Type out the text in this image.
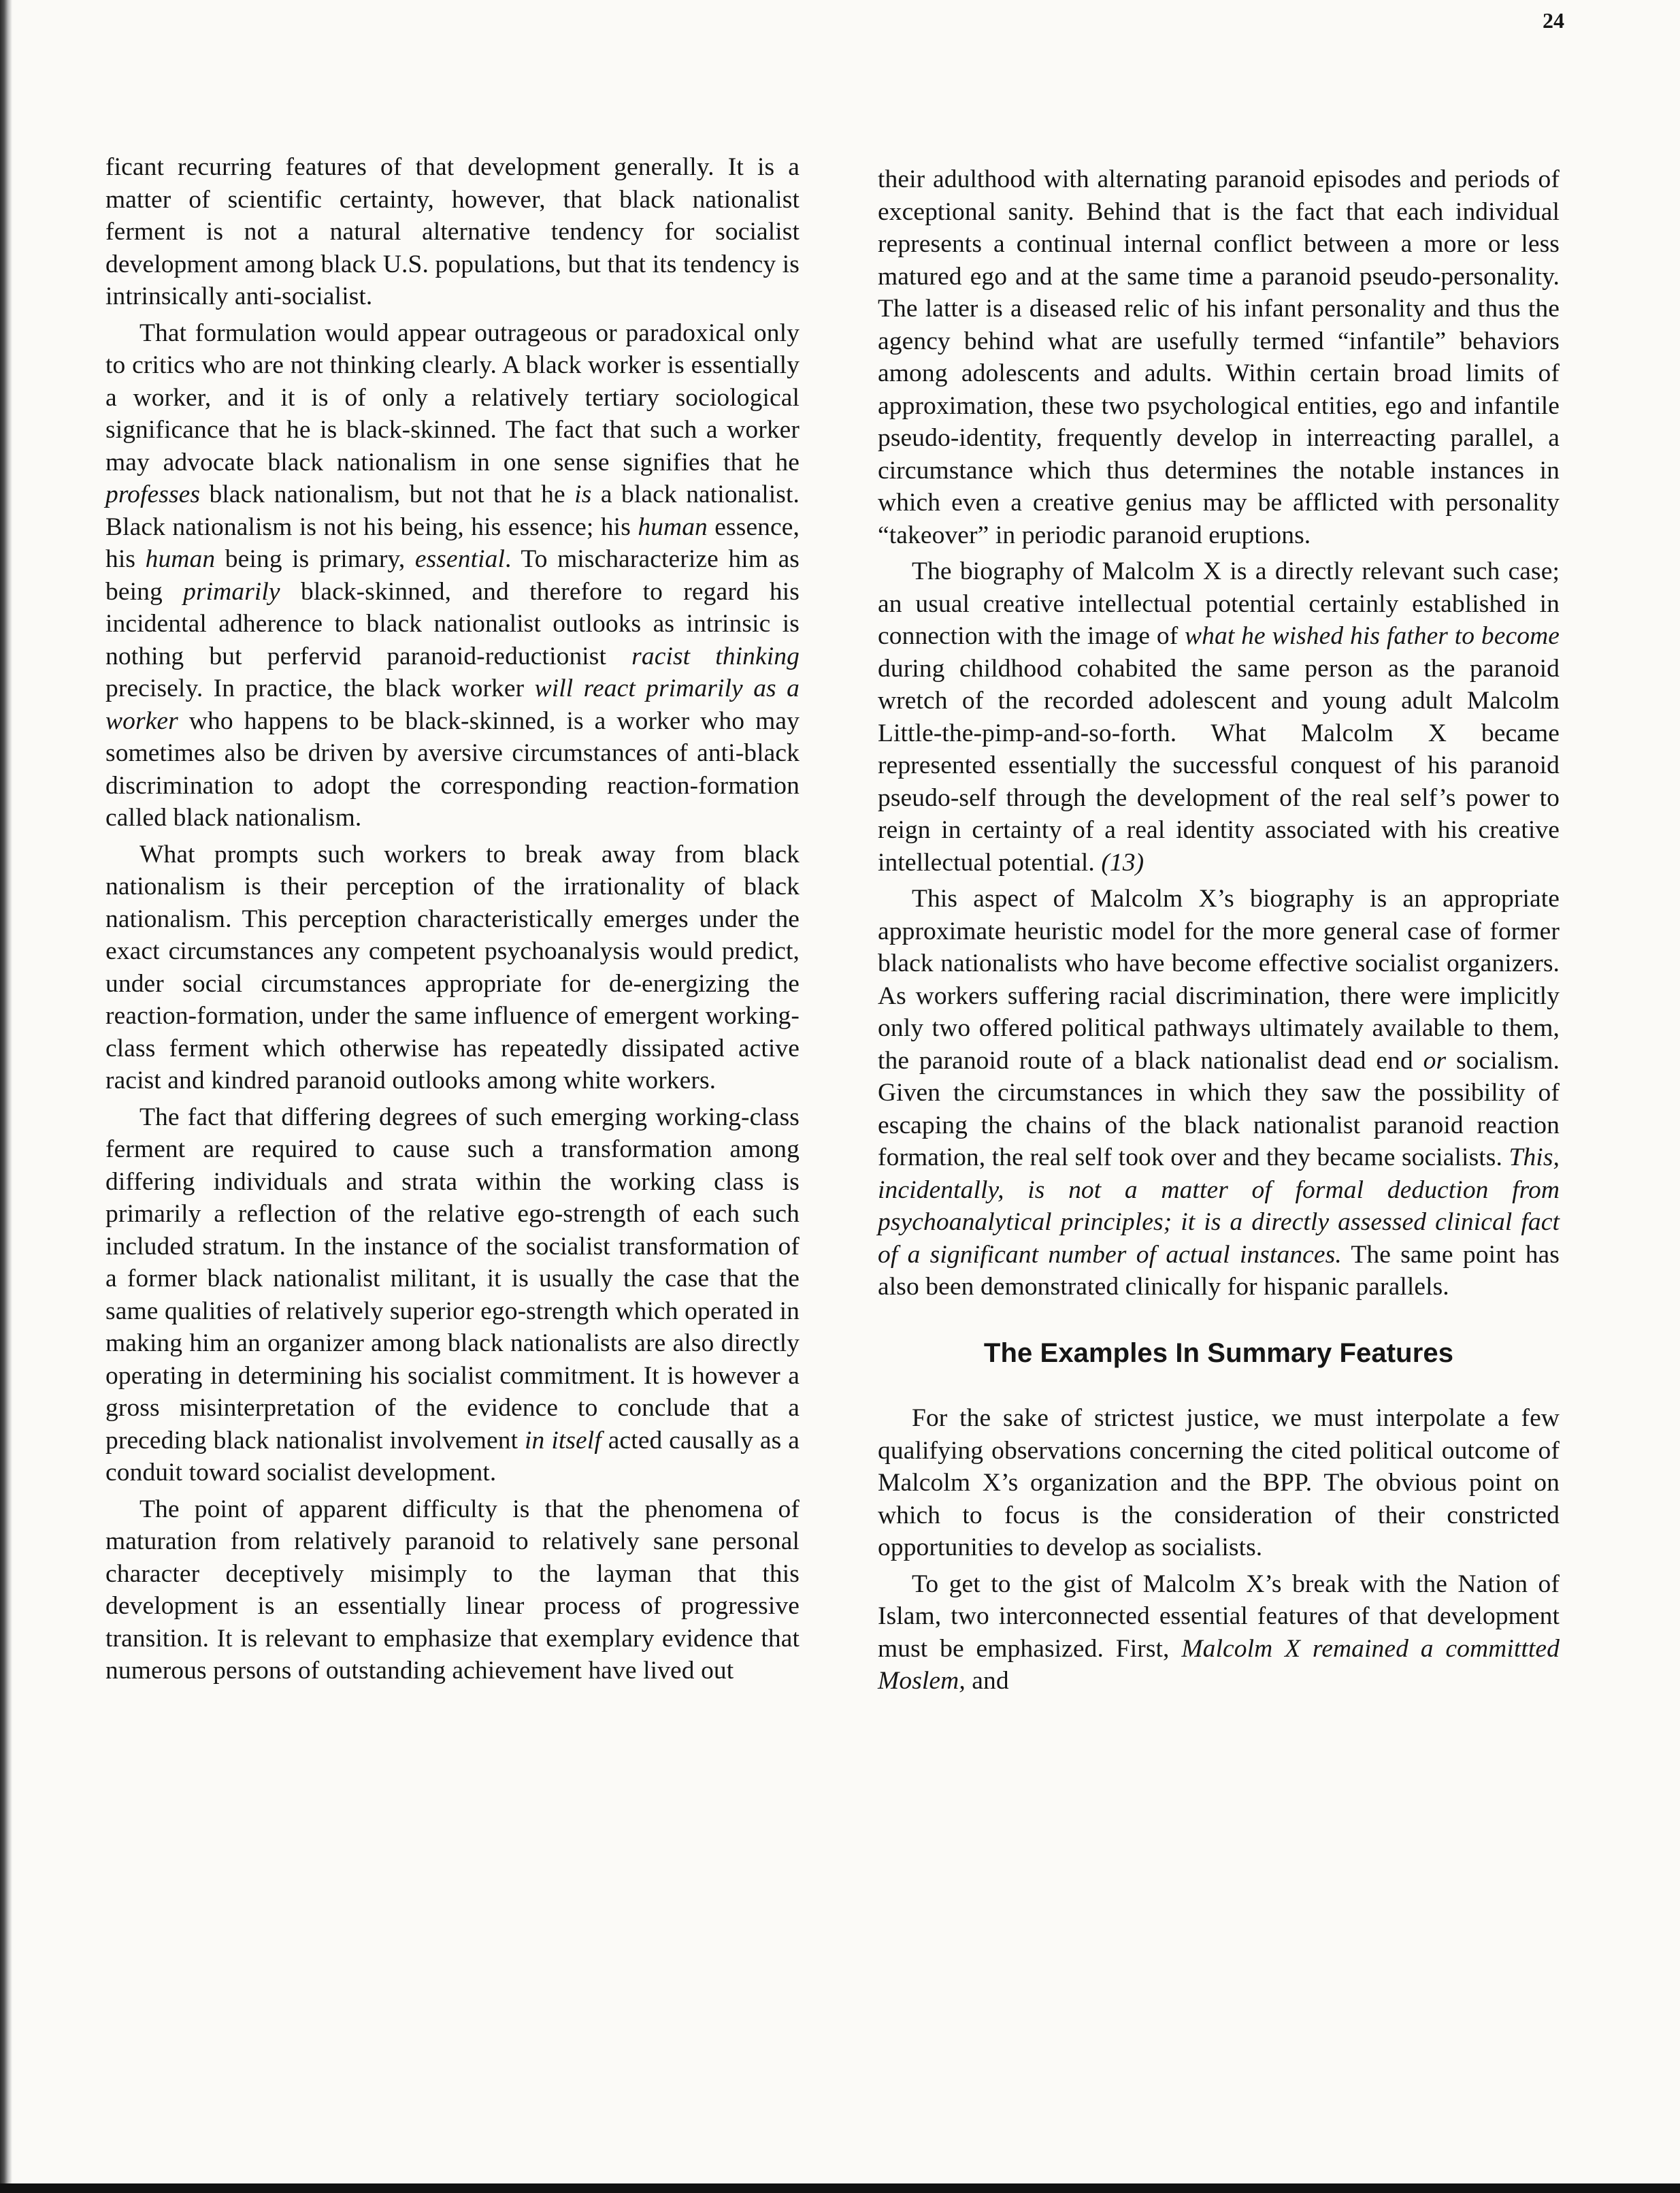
24

ficant recurring features of that development generally. It is a matter of scientific certainty, however, that black nationalist ferment is not a natural alternative tendency for socialist development among black U.S. populations, but that its tendency is intrinsically anti-socialist.

That formulation would appear outrageous or paradoxical only to critics who are not thinking clearly. A black worker is essentially a worker, and it is of only a relatively tertiary sociological significance that he is black-skinned. The fact that such a worker may advocate black nationalism in one sense signifies that he professes black nationalism, but not that he is a black nationalist. Black nationalism is not his being, his essence; his human essence, his human being is primary, essential. To mischaracterize him as being primarily black-skinned, and therefore to regard his incidental adherence to black nationalist outlooks as intrinsic is nothing but perfervid paranoid-reductionist racist thinking precisely. In practice, the black worker will react primarily as a worker who happens to be black-skinned, is a worker who may sometimes also be driven by aversive circumstances of anti-black discrimination to adopt the corresponding reaction-formation called black nationalism.

What prompts such workers to break away from black nationalism is their perception of the irrationality of black nationalism. This perception characteristically emerges under the exact circumstances any competent psychoanalysis would predict, under social circumstances appropriate for de-energizing the reaction-formation, under the same influence of emergent working-class ferment which otherwise has repeatedly dissipated active racist and kindred paranoid outlooks among white workers.

The fact that differing degrees of such emerging working-class ferment are required to cause such a transformation among differing individuals and strata within the working class is primarily a reflection of the relative ego-strength of each such included stratum. In the instance of the socialist transformation of a former black nationalist militant, it is usually the case that the same qualities of relatively superior ego-strength which operated in making him an organizer among black nationalists are also directly operating in determining his socialist commitment. It is however a gross misinterpretation of the evidence to conclude that a preceding black nationalist involvement in itself acted causally as a conduit toward socialist development.

The point of apparent difficulty is that the phenomena of maturation from relatively paranoid to relatively sane personal character deceptively misimply to the layman that this development is an essentially linear process of progressive transition. It is relevant to emphasize that exemplary evidence that numerous persons of outstanding achievement have lived out

their adulthood with alternating paranoid episodes and periods of exceptional sanity. Behind that is the fact that each individual represents a continual internal conflict between a more or less matured ego and at the same time a paranoid pseudo-personality. The latter is a diseased relic of his infant personality and thus the agency behind what are usefully termed “infantile” behaviors among adolescents and adults. Within certain broad limits of approximation, these two psychological entities, ego and infantile pseudo-identity, frequently develop in interreacting parallel, a circumstance which thus determines the notable instances in which even a creative genius may be afflicted with personality “takeover” in periodic paranoid eruptions.

The biography of Malcolm X is a directly relevant such case; an usual creative intellectual potential certainly established in connection with the image of what he wished his father to become during childhood cohabited the same person as the paranoid wretch of the recorded adolescent and young adult Malcolm Little-the-pimp-and-so-forth. What Malcolm X became represented essentially the successful conquest of his paranoid pseudo-self through the development of the real self’s power to reign in certainty of a real identity associated with his creative intellectual potential. (13)

This aspect of Malcolm X’s biography is an appropriate approximate heuristic model for the more general case of former black nationalists who have become effective socialist organizers. As workers suffering racial discrimination, there were implicitly only two offered political pathways ultimately available to them, the paranoid route of a black nationalist dead end or socialism. Given the circumstances in which they saw the possibility of escaping the chains of the black nationalist paranoid reaction formation, the real self took over and they became socialists. This, incidentally, is not a matter of formal deduction from psychoanalytical principles; it is a directly assessed clinical fact of a significant number of actual instances. The same point has also been demonstrated clinically for hispanic parallels.

The Examples In Summary Features

For the sake of strictest justice, we must interpolate a few qualifying observations concerning the cited political outcome of Malcolm X’s organization and the BPP. The obvious point on which to focus is the consideration of their constricted opportunities to develop as socialists.

To get to the gist of Malcolm X’s break with the Nation of Islam, two interconnected essential features of that development must be emphasized. First, Malcolm X remained a committted Moslem, and
